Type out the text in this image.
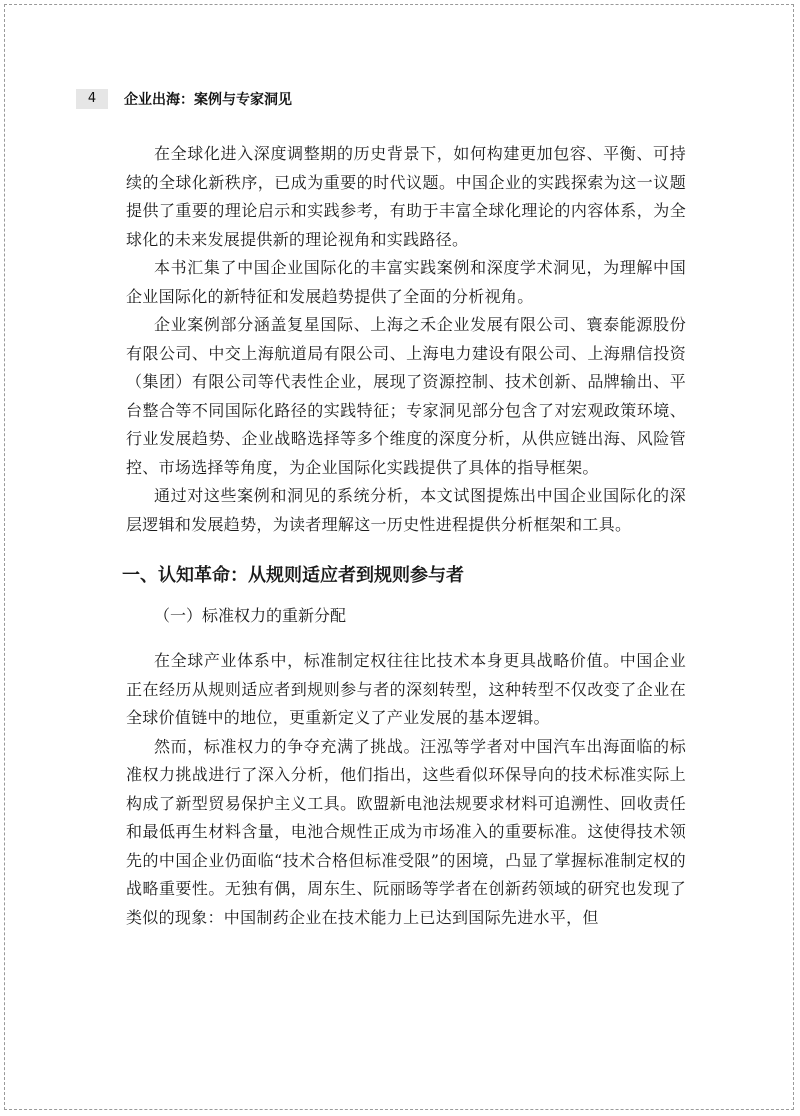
4	企业出海：案例与专家洞见

在全球化进入深度调整期的历史背景下，如何构建更加包容、平衡、可持续的全球化新秩序，已成为重要的时代议题。中国企业的实践探索为这一议题提供了重要的理论启示和实践参考，有助于丰富全球化理论的内容体系，为全球化的未来发展提供新的理论视角和实践路径。

本书汇集了中国企业国际化的丰富实践案例和深度学术洞见，为理解中国企业国际化的新特征和发展趋势提供了全面的分析视角。

企业案例部分涵盖复星国际、上海之禾企业发展有限公司、寰泰能源股份有限公司、中交上海航道局有限公司、上海电力建设有限公司、上海鼎信投资（集团）有限公司等代表性企业，展现了资源控制、技术创新、品牌输出、平台整合等不同国际化路径的实践特征；专家洞见部分包含了对宏观政策环境、行业发展趋势、企业战略选择等多个维度的深度分析，从供应链出海、风险管控、市场选择等角度，为企业国际化实践提供了具体的指导框架。

通过对这些案例和洞见的系统分析，本文试图提炼出中国企业国际化的深层逻辑和发展趋势，为读者理解这一历史性进程提供分析框架和工具。

一、认知革命：从规则适应者到规则参与者
（一）标准权力的重新分配

在全球产业体系中，标准制定权往往比技术本身更具战略价值。中国企业正在经历从规则适应者到规则参与者的深刻转型，这种转型不仅改变了企业在全球价值链中的地位，更重新定义了产业发展的基本逻辑。

然而，标准权力的争夺充满了挑战。汪泓等学者对中国汽车出海面临的标准权力挑战进行了深入分析，他们指出，这些看似环保导向的技术标准实际上构成了新型贸易保护主义工具。欧盟新电池法规要求材料可追溯性、回收责任和最低再生材料含量，电池合规性正成为市场准入的重要标准。这使得技术领先的中国企业仍面临“技术合格但标准受限”的困境，凸显了掌握标准制定权的战略重要性。无独有偶，周东生、阮丽旸等学者在创新药领域的研究也发现了类似的现象：中国制药企业在技术能力上已达到国际先进水平，但
